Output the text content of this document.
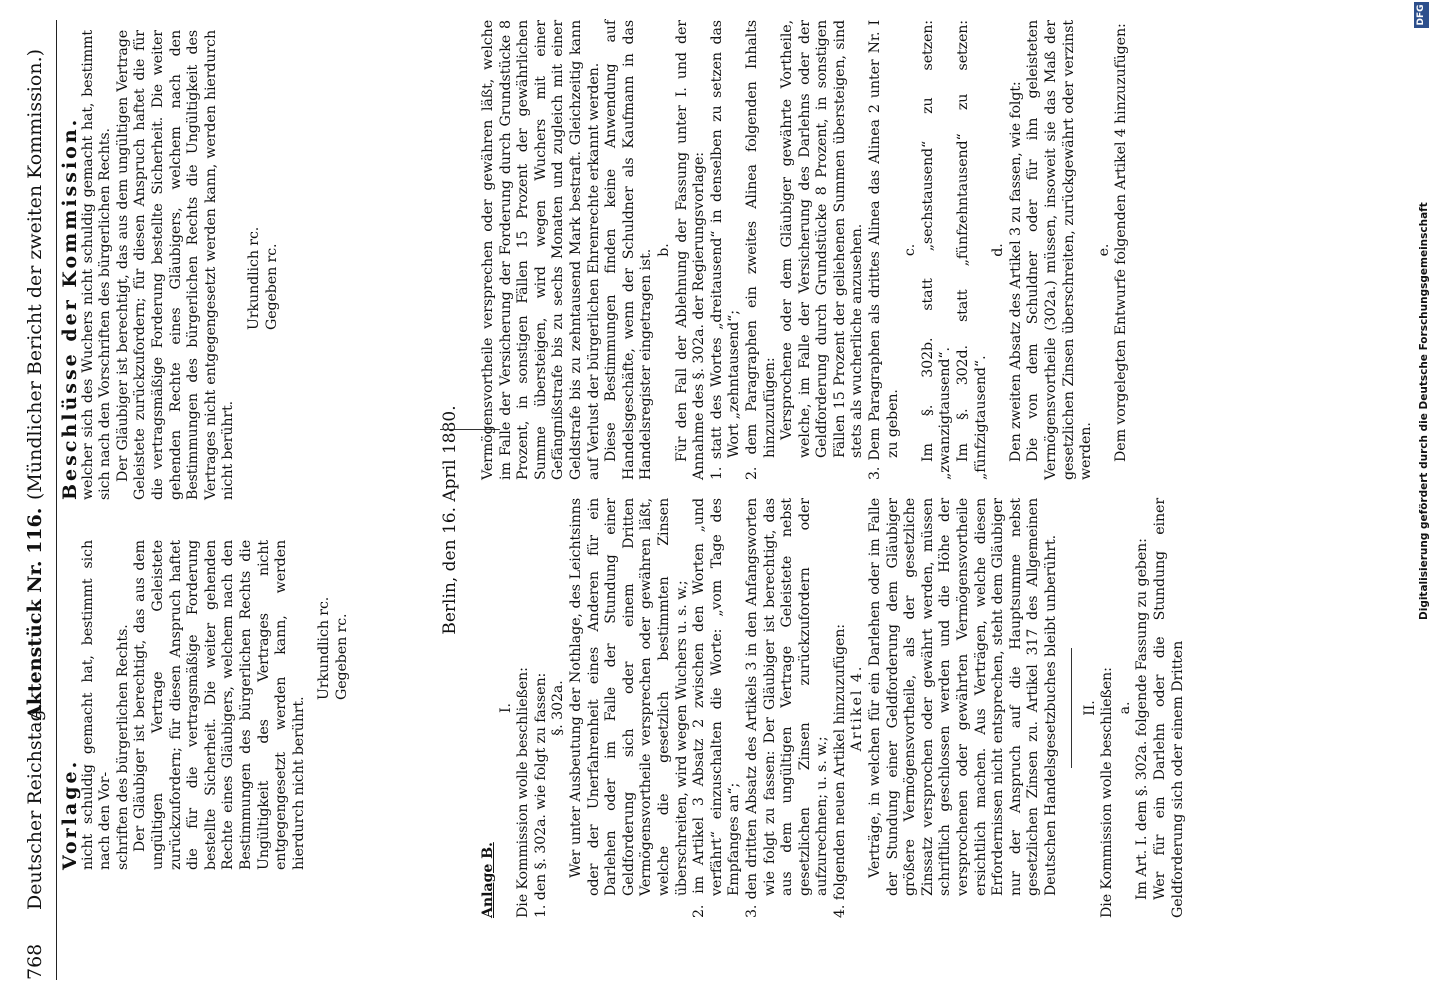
768
Deutscher Reichstag.
Aktenstück Nr. 116.
(Mündlicher Bericht der zweiten Kommission.)

Vorlage.

nicht schuldig gemacht hat, bestimmt sich nach den Vor- schriften des bürgerlichen Rechts. Der Gläubiger ist berechtigt, das aus dem ungültigen Vertrage Geleistete zurückzufordern; für diesen Anspruch haftet die für die vertragsmäßige Forderung bestellte Sicherheit. Die weiter gehenden Rechte eines Gläubigers, welchem nach den Bestimmungen des bürgerlichen Rechts die Ungültigkeit des Vertrages nicht entgegengesetzt werden kann, werden hierdurch nicht berührt.

Urkundlich rc. Gegeben rc.

Beschlüsse der Kommission.

welcher sich des Wuchers nicht schuldig gemacht hat, bestimmt sich nach den Vorschriften des bürgerlichen Rechts. Der Gläubiger ist berechtigt, das aus dem ungültigen Vertrage Geleistete zurückzufordern; für diesen Anspruch haftet die für die vertragsmäßige Forderung bestellte Sicherheit. Die weiter gehenden Rechte eines Gläubigers, welchem nach den Bestimmungen des bürgerlichen Rechts die Ungültigkeit des Vertrages nicht entgegengesetzt werden kann, werden hierdurch nicht berührt.

Urkundlich rc. Gegeben rc.

Berlin, den 16. April 1880.

Anlage B.

I. Die Kommission wolle beschließen: 1. den §. 302a. wie folgt zu fassen: §. 302a. Wer unter Ausbeutung der Nothlage, des Leichtsinns oder der Unerfahrenheit eines Anderen für ein Darlehen oder im Falle der Stundung einer Geldforderung sich oder einem Dritten Vermögensvortheile versprechen oder gewähren läßt, welche die gesetzlich bestimmten Zinsen überschreiten, wird wegen Wuchers u. s. w.; 2. im Artikel 3 Absatz 2 zwischen den Worten „und verfährt“ einzuschalten die Worte: „vom Tage des Empfanges an“; 3. den dritten Absatz des Artikels 3 in den Anfangsworten wie folgt zu fassen: Der Gläubiger ist berechtigt, das aus dem ungültigen Vertrage Geleistete nebst gesetzlichen Zinsen zurückzufordern oder aufzurechnen; u. s. w.; 4. folgenden neuen Artikel hinzuzufügen: Artikel 4. Verträge, in welchen für ein Darlehen oder im Falle der Stundung einer Geldforderung dem Gläubiger größere Vermögensvortheile, als der gesetzliche Zinssatz versprochen oder gewährt werden, müssen schriftlich geschlossen werden und die Höhe der versprochenen oder gewährten Vermögensvortheile ersichtlich machen. Aus Verträgen, welche diesen Erfordernissen nicht entsprechen, steht dem Gläubiger nur der Anspruch auf die Hauptsumme nebst gesetzlichen Zinsen zu. Artikel 317 des Allgemeinen Deutschen Handelsgesetzbuches bleibt unberührt. II. Die Kommission wolle beschließen: a. Im Art. I. dem §. 302a. folgende Fassung zu geben: Wer für ein Darlehn oder die Stundung einer Geldforderung sich oder einem Dritten

Vermögensvortheile versprechen oder gewähren läßt, welche im Falle der Versicherung der Forderung durch Grundstücke 8 Prozent, in sonstigen Fällen 15 Prozent der gewährlichen Summe übersteigen, wird wegen Wuchers mit einer Gefängnißstrafe bis zu sechs Monaten und zugleich mit einer Geldstrafe bis zu zehntausend Mark bestraft. Gleichzeitig kann auf Verlust der bürgerlichen Ehrenrechte erkannt werden. Diese Bestimmungen finden keine Anwendung auf Handelsgeschäfte, wenn der Schuldner als Kaufmann in das Handelsregister eingetragen ist. b. Für den Fall der Ablehnung der Fassung unter I. und der Annahme des §. 302a. der Regierungsvorlage: 1. statt des Wortes „dreitausend“ in denselben zu setzen das Wort „zehntausend“; 2. dem Paragraphen ein zweites Alinea folgenden Inhalts hinzuzufügen: Versprochene oder dem Gläubiger gewährte Vortheile, welche, im Falle der Versicherung des Darlehns oder der Geldforderung durch Grundstücke 8 Prozent, in sonstigen Fällen 15 Prozent der geliehenen Summen übersteigen, sind stets als wucherliche anzusehen. 3. Dem Paragraphen als drittes Alinea das Alinea 2 unter Nr. I zu geben.

c. Im §. 302b. statt „sechstausend“ zu setzen: „zwanzigtausend“. Im §. 302d. statt „fünfzehntausend“ zu setzen: „fünfzigtausend“.

d. Den zweiten Absatz des Artikel 3 zu fassen, wie folgt: Die von dem Schuldner oder für ihn geleisteten Vermögensvortheile (302a.) müssen, insoweit sie das Maß der gesetzlichen Zinsen überschreiten, zurückgewährt oder verzinst werden.

e. Dem vorgelegten Entwurfe folgenden Artikel 4 hinzuzufügen:	Digitalisierung gefördert durch die Deutsche Forschungsgemeinschaft
DFG
